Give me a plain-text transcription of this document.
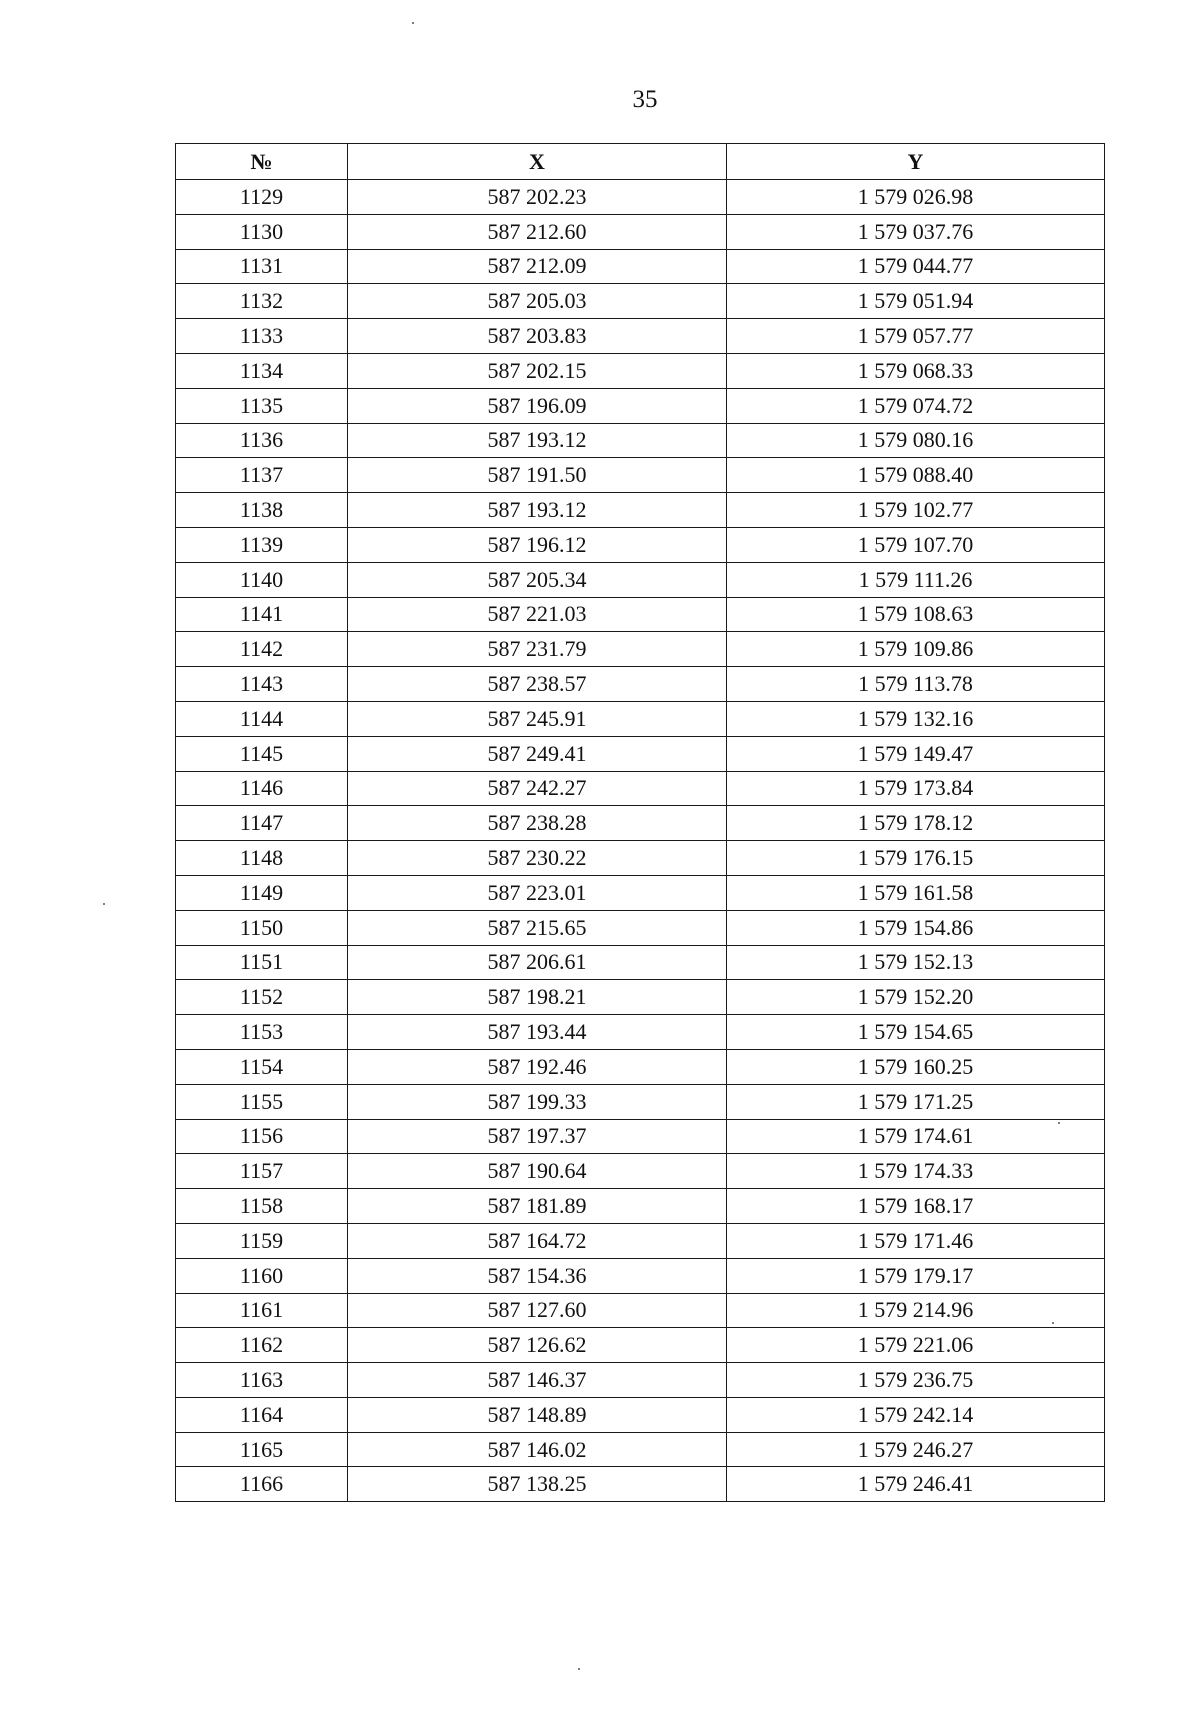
35
№	X	Y
1129	587 202.23	1 579 026.98
1130	587 212.60	1 579 037.76
1131	587 212.09	1 579 044.77
1132	587 205.03	1 579 051.94
1133	587 203.83	1 579 057.77
1134	587 202.15	1 579 068.33
1135	587 196.09	1 579 074.72
1136	587 193.12	1 579 080.16
1137	587 191.50	1 579 088.40
1138	587 193.12	1 579 102.77
1139	587 196.12	1 579 107.70
1140	587 205.34	1 579 111.26
1141	587 221.03	1 579 108.63
1142	587 231.79	1 579 109.86
1143	587 238.57	1 579 113.78
1144	587 245.91	1 579 132.16
1145	587 249.41	1 579 149.47
1146	587 242.27	1 579 173.84
1147	587 238.28	1 579 178.12
1148	587 230.22	1 579 176.15
1149	587 223.01	1 579 161.58
1150	587 215.65	1 579 154.86
1151	587 206.61	1 579 152.13
1152	587 198.21	1 579 152.20
1153	587 193.44	1 579 154.65
1154	587 192.46	1 579 160.25
1155	587 199.33	1 579 171.25
1156	587 197.37	1 579 174.61
1157	587 190.64	1 579 174.33
1158	587 181.89	1 579 168.17
1159	587 164.72	1 579 171.46
1160	587 154.36	1 579 179.17
1161	587 127.60	1 579 214.96
1162	587 126.62	1 579 221.06
1163	587 146.37	1 579 236.75
1164	587 148.89	1 579 242.14
1165	587 146.02	1 579 246.27
1166	587 138.25	1 579 246.41
